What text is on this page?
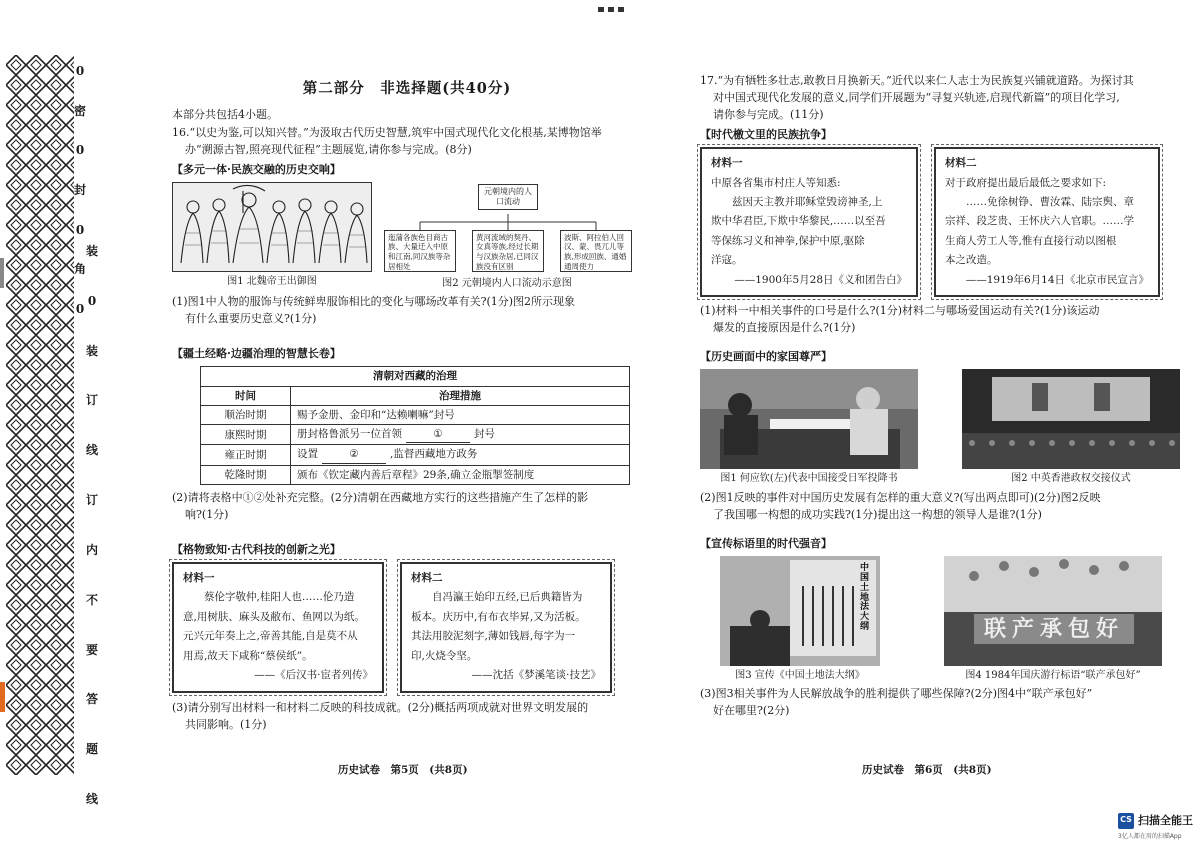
0
密
0
封
0
角
0
装
0
装
订
线
订
内
不
要
答
题
线
第二部分　非选择题(共40分)
本部分共包括4小题。
16.“以史为鉴,可以知兴替。”为汲取古代历史智慧,筑牢中国式现代化文化根基,某博物馆举
办“溯源古智,照亮现代征程”主题展览,请你参与完成。(8分)
【多元一体·民族交融的历史交响】
图1 北魏帝王出御图
元朝境内的人口流动
迤蒲各族色目商古族、大量迁入中原和江南,同汉族等杂居相处
黄河流域的契丹、女真等族,经过长期与汉族杂居,已同汉族没有区别
波斯、阿拉伯人回汉、蒙、畏兀儿等族,形成回族、通婚通周使力
图2 元朝境内人口流动示意图
(1)图1中人物的服饰与传统鲜卑服饰相比的变化与哪场改革有关?(1分)图2所示现象
有什么重要历史意义?(1分)
【疆土经略·边疆治理的智慧长卷】
清朝对西藏的治理	
时间	治理措施
顺治时期	赐予金册、金印和“达赖喇嘛”封号
康熙时期	册封格鲁派另一位首领 ① 封号
雍正时期	设置 ② ,监督西藏地方政务
乾隆时期	颁布《钦定藏内善后章程》29条,确立金瓶掣签制度
(2)请将表格中①②处补充完整。(2分)清朝在西藏地方实行的这些措施产生了怎样的影
响?(1分)
【格物致知·古代科技的创新之光】
材料一
　　蔡伦字敬仲,桂阳人也……伦乃造
意,用树肤、麻头及敝布、鱼网以为纸。
元兴元年奏上之,帝善其能,自是莫不从
用焉,故天下咸称“蔡侯纸”。
——《后汉书·宦者列传》
材料二
　　自冯瀛王始印五经,已后典籍皆为
板本。庆历中,有布衣毕昇,又为活板。
其法用胶泥刻字,薄如钱唇,每字为一
印,火烧令坚。
——沈括《梦溪笔谈·技艺》
(3)请分别写出材料一和材料二反映的科技成就。(2分)概括两项成就对世界文明发展的
共同影响。(1分)
历史试卷　第5页　(共8页)
17.“为有牺牲多壮志,敢教日月换新天。”近代以来仁人志士为民族复兴铺就道路。为探讨其
对中国式现代化发展的意义,同学们开展题为“寻复兴轨迹,启现代新篇”的项目化学习,
请你参与完成。(11分)
【时代檄文里的民族抗争】
材料一
中原各省集市村庄人等知悉:
　　兹因天主教并耶稣堂毁谤神圣,上
欺中华君臣,下欺中华黎民,……以至吾
等保练习义和神拳,保护中原,驱除
洋寇。
——1900年5月28日《义和团告白》
材料二
对于政府提出最后最低之要求如下:
　　……免徐树铮、曹汝霖、陆宗舆、章
宗祥、段芝贵、王怀庆六人官职。……学
生商人劳工人等,惟有直接行动以图根
本之改造。
——1919年6月14日《北京市民宣言》
(1)材料一中相关事件的口号是什么?(1分)材料二与哪场爱国运动有关?(1分)该运动
爆发的直接原因是什么?(1分)
【历史画面中的家国尊严】
图1 何应钦(左)代表中国接受日军投降书	图2 中英香港政权交接仪式
(2)图1反映的事件对中国历史发展有怎样的重大意义?(写出两点即可)(2分)图2反映
了我国哪一构想的成功实践?(1分)提出这一构想的领导人是谁?(1分)
【宣传标语里的时代强音】
中国土地法大纲
图3 宣传《中国土地法大纲》
联产承包好
图4 1984年国庆游行标语“联产承包好”
(3)图3相关事件为人民解放战争的胜利提供了哪些保障?(2分)图4中“联产承包好”
好在哪里?(2分)
历史试卷　第6页　(共8页)
CS 扫描全能王
3亿人都在用的扫描App
